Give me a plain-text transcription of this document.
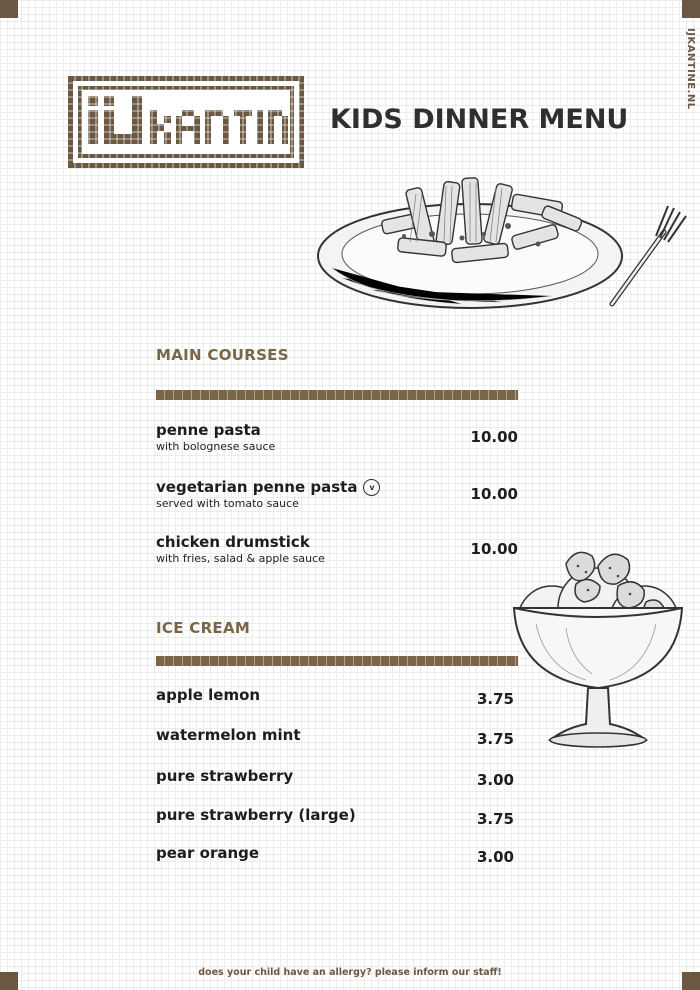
IJKANTINE.NL
KIDS DINNER MENU
MAIN COURSES
penne pasta
with bolognese sauce
10.00
vegetarian penne pasta v
served with tomato sauce
10.00
chicken drumstick
with fries, salad & apple sauce
10.00
ICE CREAM
apple lemon	3.75
watermelon mint	3.75
pure strawberry	3.00
pure strawberry (large)	3.75
pear orange	3.00
does your child have an allergy? please inform our staff!
